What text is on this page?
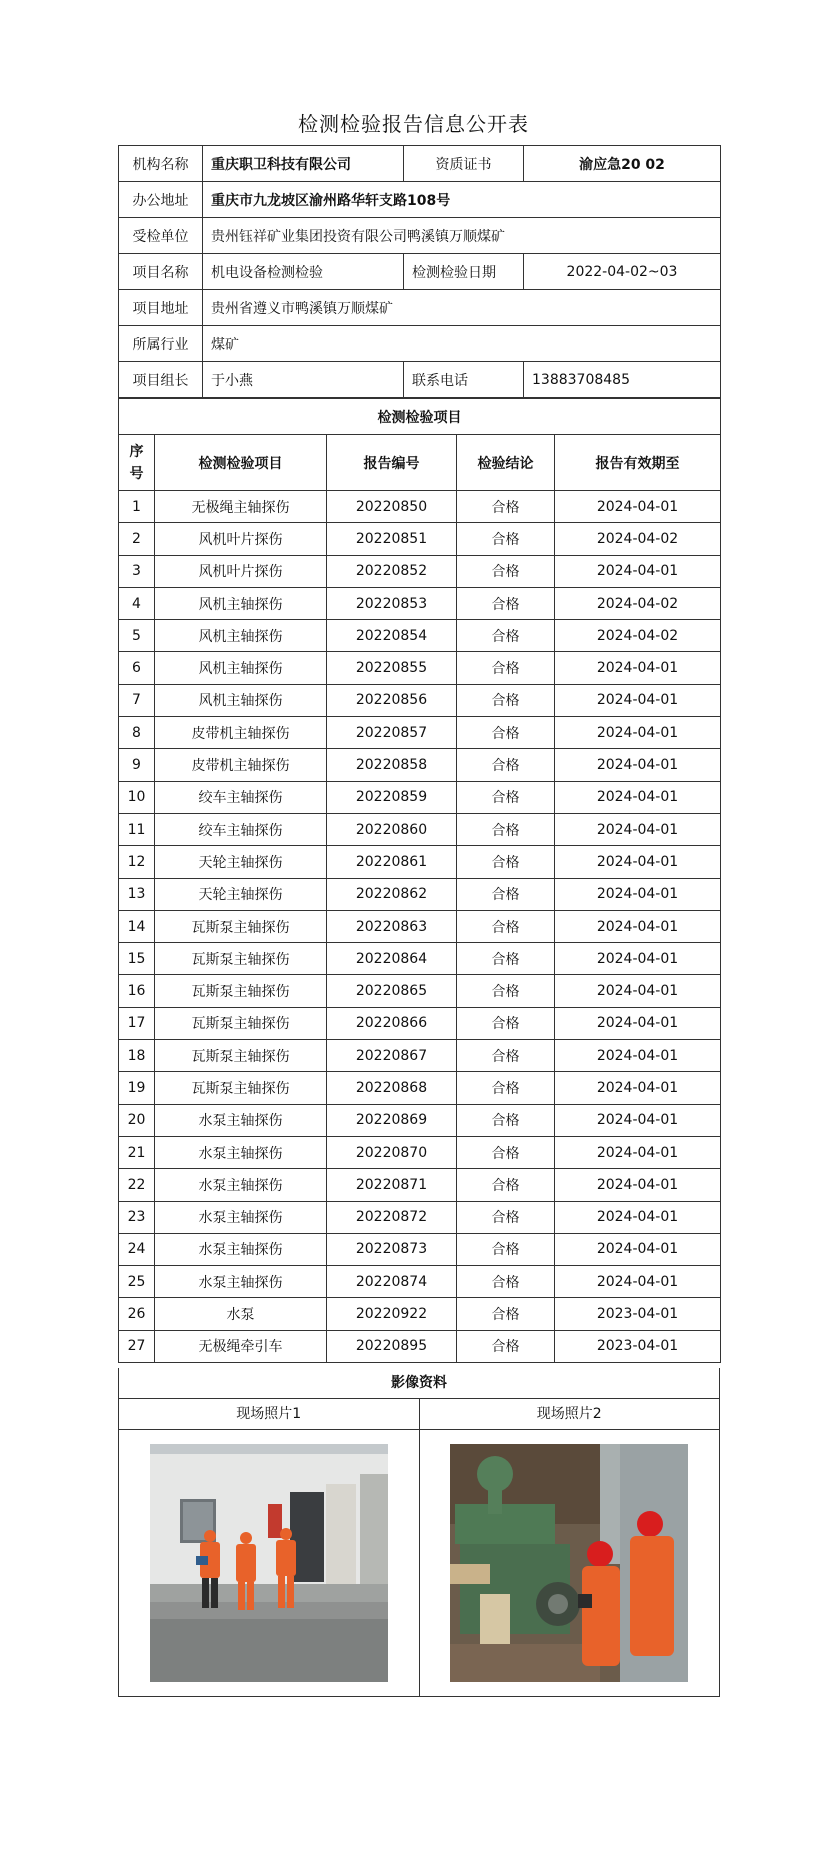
检测检验报告信息公开表
机构名称	重庆职卫科技有限公司	资质证书	渝应急20 02
办公地址	重庆市九龙坡区渝州路华轩支路108号		
受检单位	贵州钰祥矿业集团投资有限公司鸭溪镇万顺煤矿		
项目名称	机电设备检测检验	检测检验日期	2022-04-02~03
项目地址	贵州省遵义市鸭溪镇万顺煤矿		
所属行业	煤矿		
项目组长	于小燕	联系电话	13883708485
检测检验项目				
序号	检测检验项目	报告编号	检验结论	报告有效期至
1	无极绳主轴探伤	20220850	合格	2024-04-01
2	风机叶片探伤	20220851	合格	2024-04-02
3	风机叶片探伤	20220852	合格	2024-04-01
4	风机主轴探伤	20220853	合格	2024-04-02
5	风机主轴探伤	20220854	合格	2024-04-02
6	风机主轴探伤	20220855	合格	2024-04-01
7	风机主轴探伤	20220856	合格	2024-04-01
8	皮带机主轴探伤	20220857	合格	2024-04-01
9	皮带机主轴探伤	20220858	合格	2024-04-01
10	绞车主轴探伤	20220859	合格	2024-04-01
11	绞车主轴探伤	20220860	合格	2024-04-01
12	天轮主轴探伤	20220861	合格	2024-04-01
13	天轮主轴探伤	20220862	合格	2024-04-01
14	瓦斯泵主轴探伤	20220863	合格	2024-04-01
15	瓦斯泵主轴探伤	20220864	合格	2024-04-01
16	瓦斯泵主轴探伤	20220865	合格	2024-04-01
17	瓦斯泵主轴探伤	20220866	合格	2024-04-01
18	瓦斯泵主轴探伤	20220867	合格	2024-04-01
19	瓦斯泵主轴探伤	20220868	合格	2024-04-01
20	水泵主轴探伤	20220869	合格	2024-04-01
21	水泵主轴探伤	20220870	合格	2024-04-01
22	水泵主轴探伤	20220871	合格	2024-04-01
23	水泵主轴探伤	20220872	合格	2024-04-01
24	水泵主轴探伤	20220873	合格	2024-04-01
25	水泵主轴探伤	20220874	合格	2024-04-01
26	水泵	20220922	合格	2023-04-01
27	无极绳牵引车	20220895	合格	2023-04-01
影像资料
现场照片1	现场照片2
